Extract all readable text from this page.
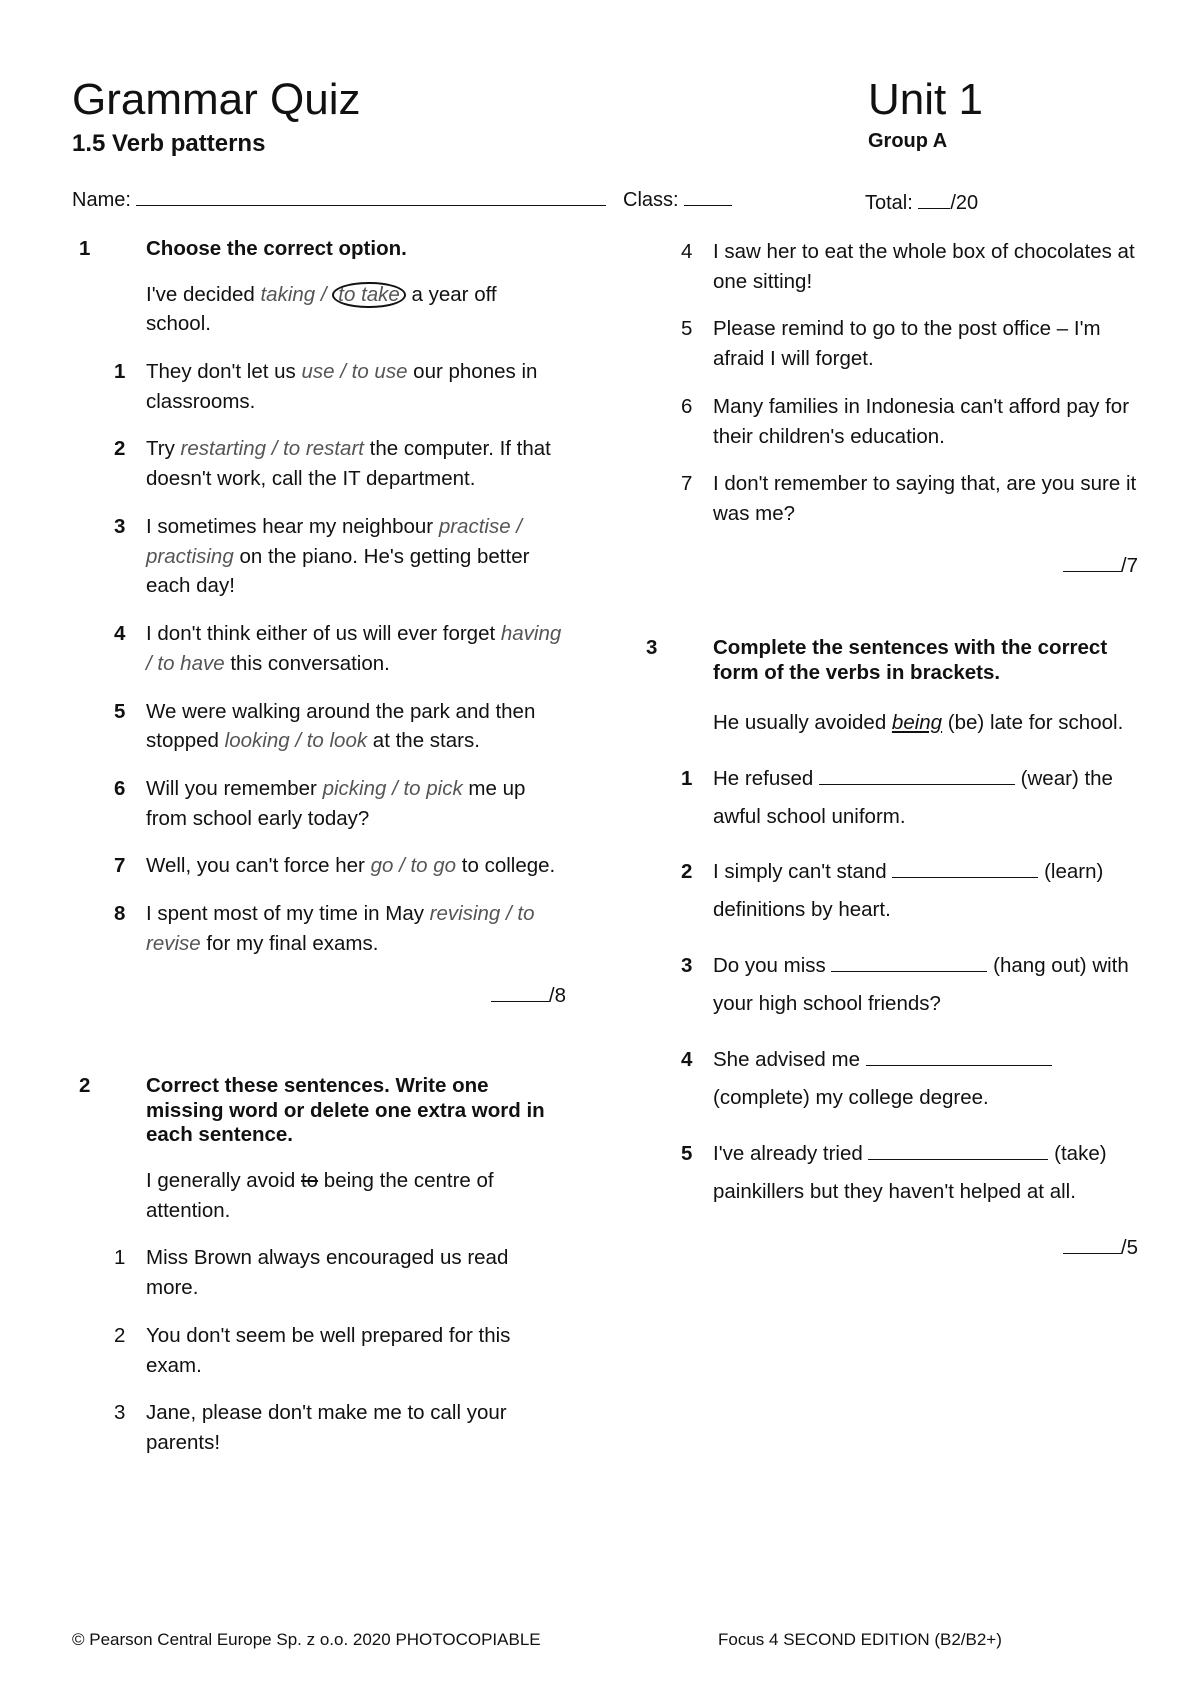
Grammar Quiz
1.5 Verb patterns
Unit 1
Group A
Name:	Class:	Total: /20
1	Choose the correct option.
I've decided taking / to take a year off school.
1 They don't let us use / to use our phones in classrooms.
2 Try restarting / to restart the computer. If that doesn't work, call the IT department.
3 I sometimes hear my neighbour practise / practising on the piano. He's getting better each day!
4 I don't think either of us will ever forget having / to have this conversation.
5 We were walking around the park and then stopped looking / to look at the stars.
6 Will you remember picking / to pick me up from school early today?
7 Well, you can't force her go / to go to college.
8 I spent most of my time in May revising / to revise for my final exams.
/8
2	Correct these sentences. Write one missing word or delete one extra word in each sentence.
I generally avoid to being the centre of attention.
1 Miss Brown always encouraged us read more.
2 You don't seem be well prepared for this exam.
3 Jane, please don't make me to call your parents!
4 I saw her to eat the whole box of chocolates at one sitting!
5 Please remind to go to the post office – I'm afraid I will forget.
6 Many families in Indonesia can't afford pay for their children's education.
7 I don't remember to saying that, are you sure it was me?
/7
3	Complete the sentences with the correct form of the verbs in brackets.
He usually avoided being (be) late for school.
1 He refused	(wear) the awful school uniform.
2 I simply can't stand	(learn) definitions by heart.
3 Do you miss	(hang out) with your high school friends?
4 She advised me  (complete) my college degree.
5 I've already tried	(take) painkillers but they haven't helped at all.
/5
© Pearson Central Europe Sp. z o.o. 2020 PHOTOCOPIABLE	Focus 4 SECOND EDITION (B2/B2+)
